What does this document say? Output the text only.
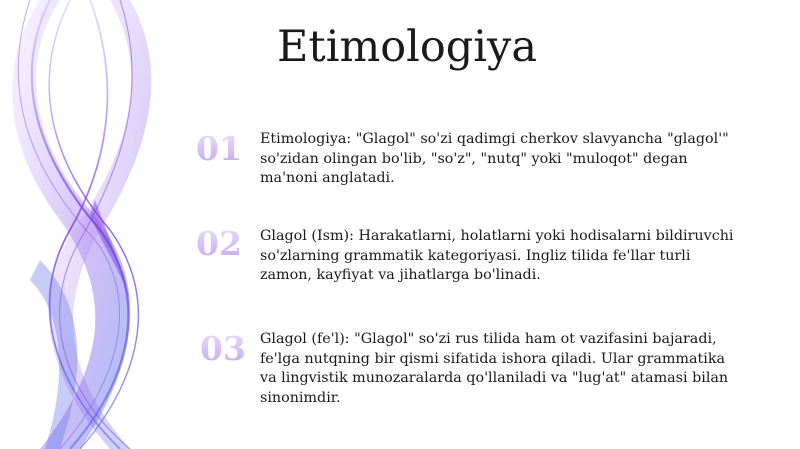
Etimologiya
01	Etimologiya: "Glagol" so'zi qadimgi cherkov slavyancha "glagol'" so'zidan olingan bo'lib, "so'z", "nutq" yoki "muloqot" degan ma'noni anglatadi.

02	Glagol (Ism): Harakatlarni, holatlarni yoki hodisalarni bildiruvchi so'zlarning grammatik kategoriyasi. Ingliz tilida fe'llar turli zamon, kayfiyat va jihatlarga bo'linadi.

03 Glagol (fe'l): "Glagol" so'zi rus tilida ham ot vazifasini bajaradi, fe'lga nutqning bir qismi sifatida ishora qiladi. Ular grammatika va lingvistik munozaralarda qo'llaniladi va "lug'at" atamasi bilan sinonimdir.
